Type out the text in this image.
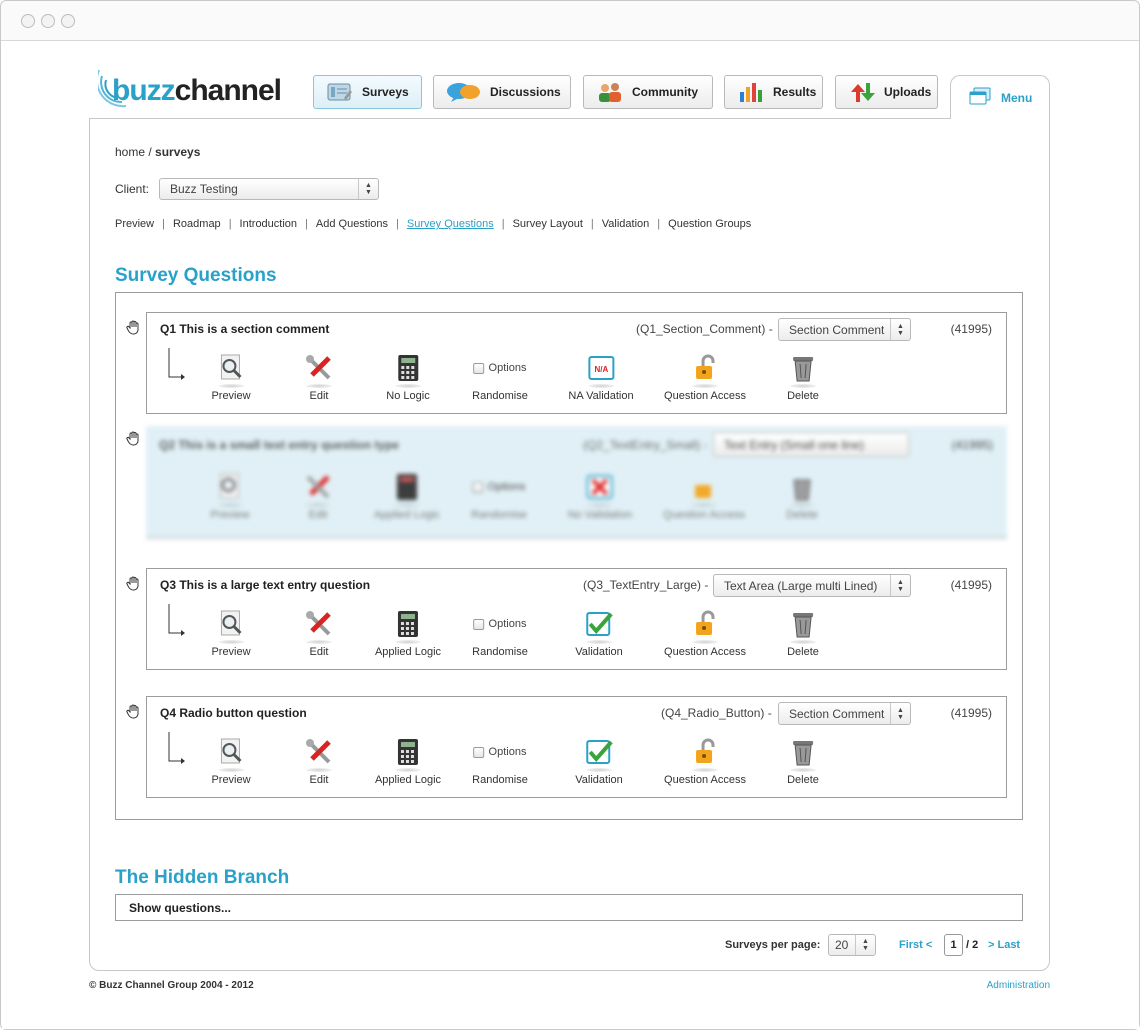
buzzchannel	Surveys	Discussions	Community	Results	Uploads	Menu
home / surveys
Client: Buzz Testing	▲
▼
Preview | Roadmap | Introduction | Add Questions | Survey Questions | Survey Layout | Validation | Question Groups
Survey Questions
Q1 This is a section comment	(Q1_Section_Comment) - Section Comment	▲
▼	(41995)
Preview	Edit	No Logic
Options
Randomise
N/A
NA Validation	Question Access	Delete
Q2 This is a small text entry question type	(Q2_TextEntry_Small) - Text Entry (Small one line)	(41995)
Preview	Edit	Applied Logic
Options
Randomise	No Validation	Question Access	Delete
Q3 This is a large text entry question	(Q3_TextEntry_Large) - Text Area (Large multi Lined)	▲
▼	(41995)
Preview	Edit	Applied Logic
Options
Randomise	Validation	Question Access	Delete
Q4 Radio button question	(Q4_Radio_Button) - Section Comment	▲
▼	(41995)
Preview	Edit	Applied Logic
Options
Randomise	Validation	Question Access	Delete
The Hidden Branch
Show questions...
Surveys per page: 20	▲
▼	First <	1 / 2 > Last
© Buzz Channel Group 2004 - 2012	Administration
